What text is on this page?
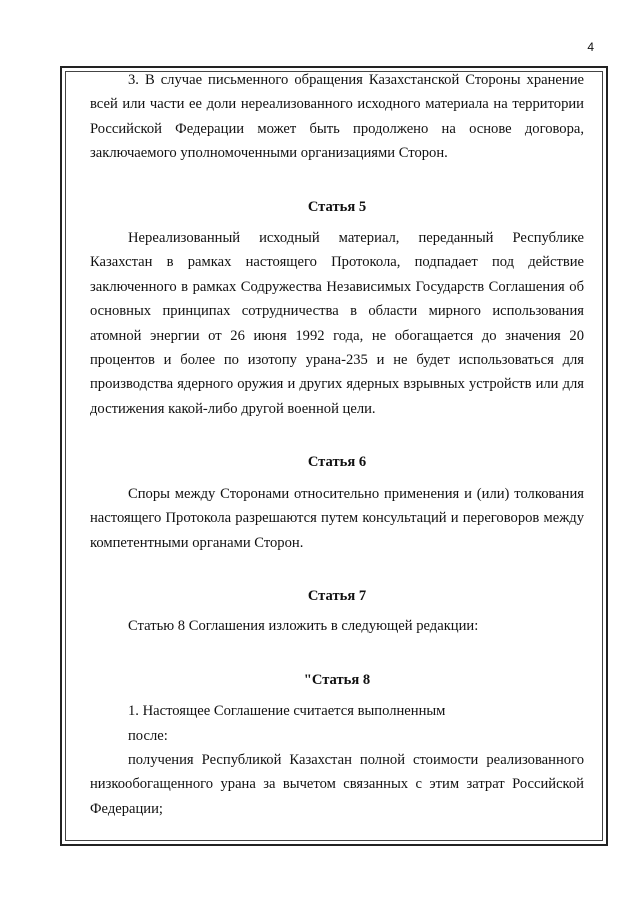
4

3. В случае письменного обращения Казахстанской Стороны хранение всей или части ее доли нереализованного исходного материала на территории Российской Федерации может быть продолжено на основе договора, заключаемого уполномоченными организациями Сторон.

Статья 5

Нереализованный исходный материал, переданный Республике Казахстан в рамках настоящего Протокола, подпадает под действие заключенного в рамках Содружества Независимых Государств Соглашения об основных принципах сотрудничества в области мирного использования атомной энергии от 26 июня 1992 года, не обогащается до значения 20 процентов и более по изотопу урана-235 и не будет использоваться для производства ядерного оружия и других ядерных взрывных устройств или для достижения какой-либо другой военной цели.

Статья 6

Споры между Сторонами относительно применения и (или) толкования настоящего Протокола разрешаются путем консультаций и переговоров между компетентными органами Сторон.

Статья 7

Статью 8 Соглашения изложить в следующей редакции:

"Статья 8

1. Настоящее Соглашение считается выполненным

после:

получения Республикой Казахстан полной стоимости реализованного низкообогащенного урана за вычетом связанных с этим затрат Российской Федерации;
